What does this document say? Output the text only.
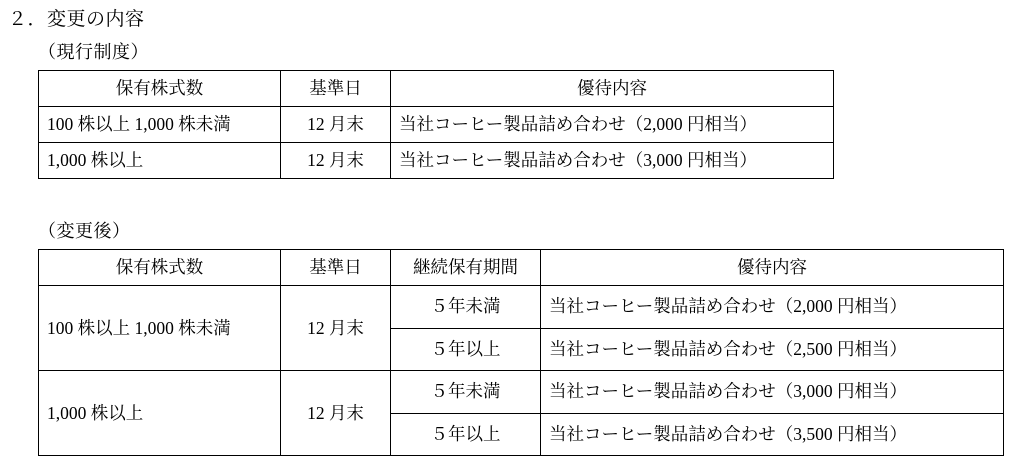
２．変更の内容
（現行制度）
保有株式数	基準日	優待内容
100 株以上 1,000 株未満	12 月末	当社コーヒー製品詰め合わせ（2,000 円相当）
1,000 株以上	12 月末	当社コーヒー製品詰め合わせ（3,000 円相当）
（変更後）
保有株式数	基準日	継続保有期間	優待内容
100 株以上 1,000 株未満	12 月末	５年未満	当社コーヒー製品詰め合わせ（2,000 円相当）
		５年以上	当社コーヒー製品詰め合わせ（2,500 円相当）
1,000 株以上	12 月末	５年未満	当社コーヒー製品詰め合わせ（3,000 円相当）
		５年以上	当社コーヒー製品詰め合わせ（3,500 円相当）
